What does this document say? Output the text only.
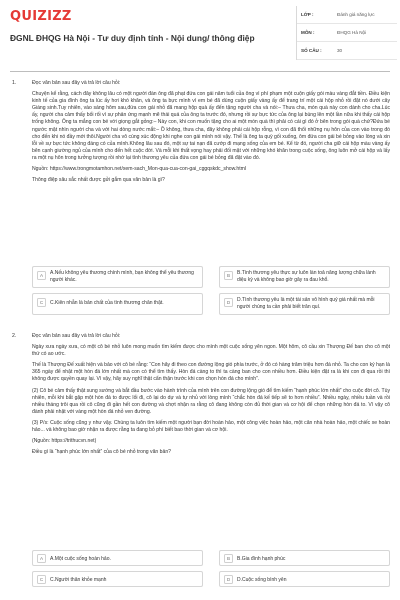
QUIZIZZ
ĐGNL ĐHQG Hà Nội - Tư duy định tính - Nội dung/ thông điệp
LỚP :	Đánh giá năng lực
MÔN :	ĐHQG Hà Nội
SỐ CÂU :	30
1.	Đọc văn bản sau đây và trả lời câu hỏi:
Chuyện kể rằng, cách đây không lâu có một người đàn ông đã phạt đứa con gái năm tuổi của ông vì phí phạm một cuộn giấy gói màu vàng đắt tiền. Điều kiện kinh tế của gia đình ông ta lúc ấy hơi khó khăn, và ông ta bực mình vì em bé đã dùng cuộn giấy vàng ấy để trang trí một cái hộp nhỏ rồi đặt nó dưới cây Giáng sinh.Tuy nhiên, vào sáng hôm sau,đứa con gái nhỏ đã mang hộp quà ấy đến tặng người cha và nói:– Thưa cha, món quà này con dành cho cha.Lúc ấy, người cha cảm thấy bối rối vì sự phản ứng mạnh mẽ thái quá của ông ta trước đó, nhưng rồi sự bực tức của ông lại bùng lên một lần nữa khi thấy cái hộp trống không. Ông ta mắng con bé với giọng gắt gỏng:– Này con, khi con muốn tặng cho ai một món quà thì phải có cái gì đó ở bên trong gói quà chứ?Đứa bé ngước mặt nhìn người cha và với hai dòng nước mắt:– Ồ không, thưa cha, đây không phải cái hộp rỗng, vì con đã thổi những nụ hôn của con vào trong đó cho đến khi nó đầy mới thôi.Người cha vô cùng xúc động khi nghe con gái mình nói vậy. Thế là ông ta quỳ gối xuống, ôm đứa con gái bé bỏng vào lòng và xin lỗi về sự bực tức không đáng có của mình.Không lâu sau đó, một sự tai nạn đã cướp đi mạng sống của em bé. Kể từ đó, người cha giữ cái hộp màu vàng ấy bên cạnh giường ngủ của mình cho đến hết cuộc đời. Và mỗi khi thất vọng hay phải đối mặt với những khó khăn trong cuộc sống, ông luôn mở cái hộp và lấy ra một nụ hôn trong tưởng tượng rồi nhớ lại tình thương yêu của đứa con gái bé bỏng đã đặt vào đó.
Nguồn: https://www.trongmotamhon.net/xem-sach_Mon-qua-cua-con-gai_cggqskdc_show.html
Thông điệp sâu sắc nhất được gửi gắm qua văn bản là gì?
A	A.Nếu không yêu thương chính mình, bạn không thể yêu thương người khác.
B	B.Tình thương yêu thực sự luôn làn toả năng lượng chữa lành diệu kỳ và không bao giờ gây ra đau khổ.
C	C.Kiên nhẫn là bản chất của tình thương chân thật.	D	D.Tình thương yêu là một tài sản vô hình quý giá nhất mà mỗi người chúng ta cần phải biết trân quí.
2.	Đọc văn bản sau đây và trả lời câu hỏi:
Ngày xưa ngày xưa, có một cô bé nhỏ luôn mong muốn tìm kiếm được cho mình một cuộc sống yên ngon. Một hôm, cô cầu xin Thượng Đế ban cho cô một thứ có ao ước.
Thế là Thượng Đế xuất hiện và bảo với cô bé rằng: “Con hãy đi theo con đường lộng gió phía trước, ở đó có hàng trăm triệu hơn đá nhỏ. Ta cho con ký hạn là 365 ngày để nhặt một hòn đá lớn nhất mà con có thể tìm thấy. Hòn đá càng to thì ta càng ban cho con nhiều hơn. Điều kiện đặt ra là khi con đi qua rồi thì không được quyền quay lại. Vì vậy, hãy suy nghĩ thật cẩn thận trước khi con chọn hòn đá cho mình”.
(2) Cô bé cảm thấy thật sung sướng và bắt đầu bước vào hành trình của mình trên con đường lộng gió để tìm kiếm “hạnh phúc lớn nhất” cho cuộc đời cô. Tùy nhiên, mỗi khi bắt gặp một hòn đá to được lối đi, cô lại do dự và tự nhủ với lòng mình “chắc hòn đá kế tiếp sẽ to hơn nhiều”. Nhiều ngày, nhiều tuần và rồi nhiều tháng trôi qua rồi cô cũng đi gần hết con đường và chợt nhận ra rằng cô đang không còn đủ thời gian và cơ hội để chọn những hòn đá to. Vì vậy cô đành phải nhặt với vàng một hòn đá nhỏ ven đường.
(3) P/s: Cuộc sống cũng y như vậy. Chúng ta luôn tìm kiếm một người bạn đời hoàn hảo, một công việc hoàn hảo, một căn nhà hoàn hảo, một chiếc xe hoàn hảo... và không bao giờ nhận ra được rằng ta đang bỏ phí biết bao thời gian và cơ hội.
(Nguồn: https://trithucvn.net)
Điều gì là “hạnh phúc lớn nhất” của cô bé nhỏ trong văn bản?
A	A.Một cuộc sống hoàn hảo.	B	B.Gia đình hạnh phúc
C	C.Người thân khỏe mạnh	D	D.Cuộc sống bình yên
